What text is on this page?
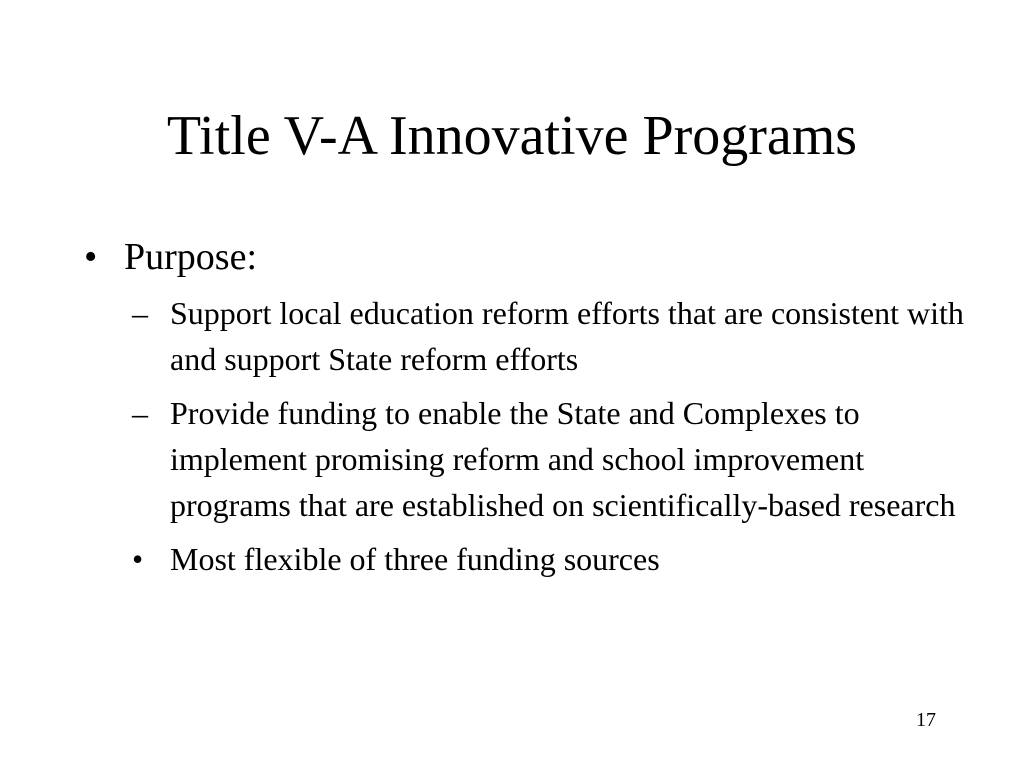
Title V-A Innovative Programs
• Purpose:
– Support local education reform efforts that are consistent with and support State reform efforts
– Provide funding to enable the State and Complexes to implement promising reform and school improvement programs that are established on scientifically-based research
• Most flexible of three funding sources
17
